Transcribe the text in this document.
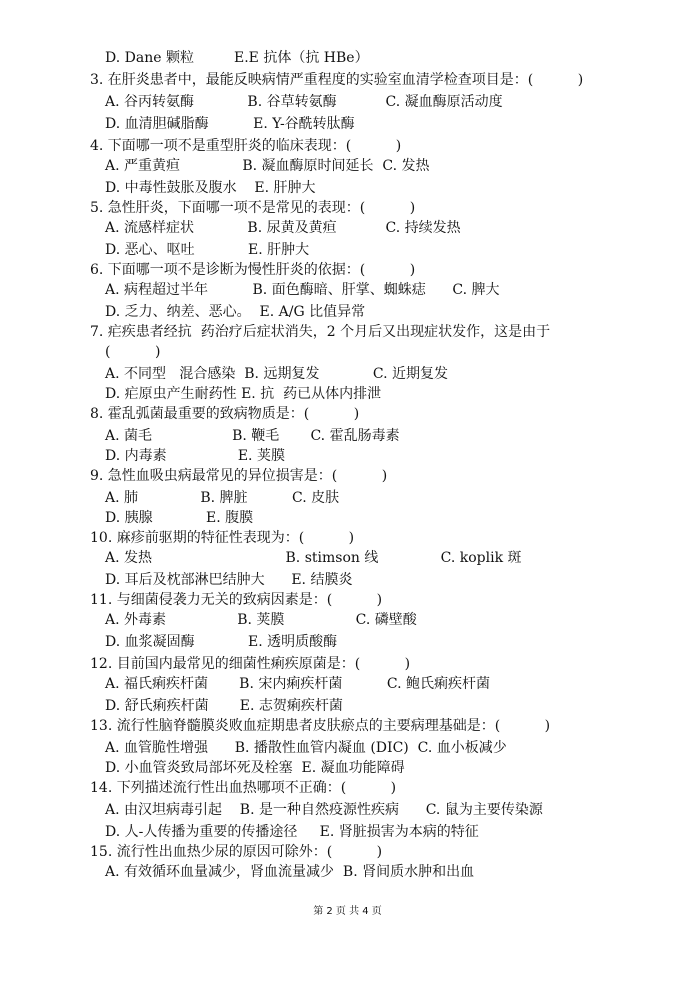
D. Dane 颗粒         E.E 抗体（抗 HBe）
3. 在肝炎患者中，最能反映病情严重程度的实验室血清学检查项目是：(          )
A. 谷丙转氨酶            B. 谷草转氨酶           C. 凝血酶原活动度
D. 血清胆碱脂酶          E. Y-谷酰转肽酶
4. 下面哪一项不是重型肝炎的临床表现：(          )
A. 严重黄疸              B. 凝血酶原时间延长  C. 发热
D. 中毒性鼓胀及腹水    E. 肝肿大
5. 急性肝炎，下面哪一项不是常见的表现：(          )
A. 流感样症状            B. 尿黄及黄疸           C. 持续发热
D. 恶心、呕吐            E. 肝肿大
6. 下面哪一项不是诊断为慢性肝炎的依据：(          )
A. 病程超过半年          B. 面色酶暗、肝掌、蜘蛛痣      C. 脾大
D. 乏力、纳差、恶心。  E. A/G 比值异常
7. 疟疾患者经抗  药治疗后症状消失，2 个月后又出现症状发作，这是由于
(          )
A. 不同型   混合感染  B. 远期复发            C. 近期复发
D. 疟原虫产生耐药性 E. 抗  药已从体内排泄
8. 霍乱弧菌最重要的致病物质是：(          )
A. 菌毛                  B. 鞭毛       C. 霍乱肠毒素
D. 内毒素                E. 荚膜
9. 急性血吸虫病最常见的异位损害是：(          )
A. 肺              B. 脾脏          C. 皮肤
D. 胰腺            E. 腹膜
10. 麻疹前驱期的特征性表现为：(          )
A. 发热                              B. stimson 线              C. koplik 斑
D. 耳后及枕部淋巴结肿大      E. 结膜炎
11. 与细菌侵袭力无关的致病因素是：(          )
A. 外毒素                B. 荚膜                C. 磷壁酸
D. 血浆凝固酶            E. 透明质酸酶
12. 目前国内最常见的细菌性痢疾原菌是：(          )
A. 福氏痢疾杆菌       B. 宋内痢疾杆菌          C. 鲍氏痢疾杆菌
D. 舒氏痢疾杆菌       E. 志贺痢疾杆菌
13. 流行性脑脊髓膜炎败血症期患者皮肤瘀点的主要病理基础是：(          )
A. 血管脆性增强      B. 播散性血管内凝血 (DIC)  C. 血小板减少
D. 小血管炎致局部坏死及栓塞  E. 凝血功能障碍
14. 下列描述流行性出血热哪项不正确：(          )
A. 由汉坦病毒引起    B. 是一种自然疫源性疾病      C. 鼠为主要传染源
D. 人-人传播为重要的传播途径     E. 肾脏损害为本病的特征
15. 流行性出血热少尿的原因可除外：(          )
A. 有效循环血量减少，肾血流量减少  B. 肾间质水肿和出血
第 2 页 共 4 页
